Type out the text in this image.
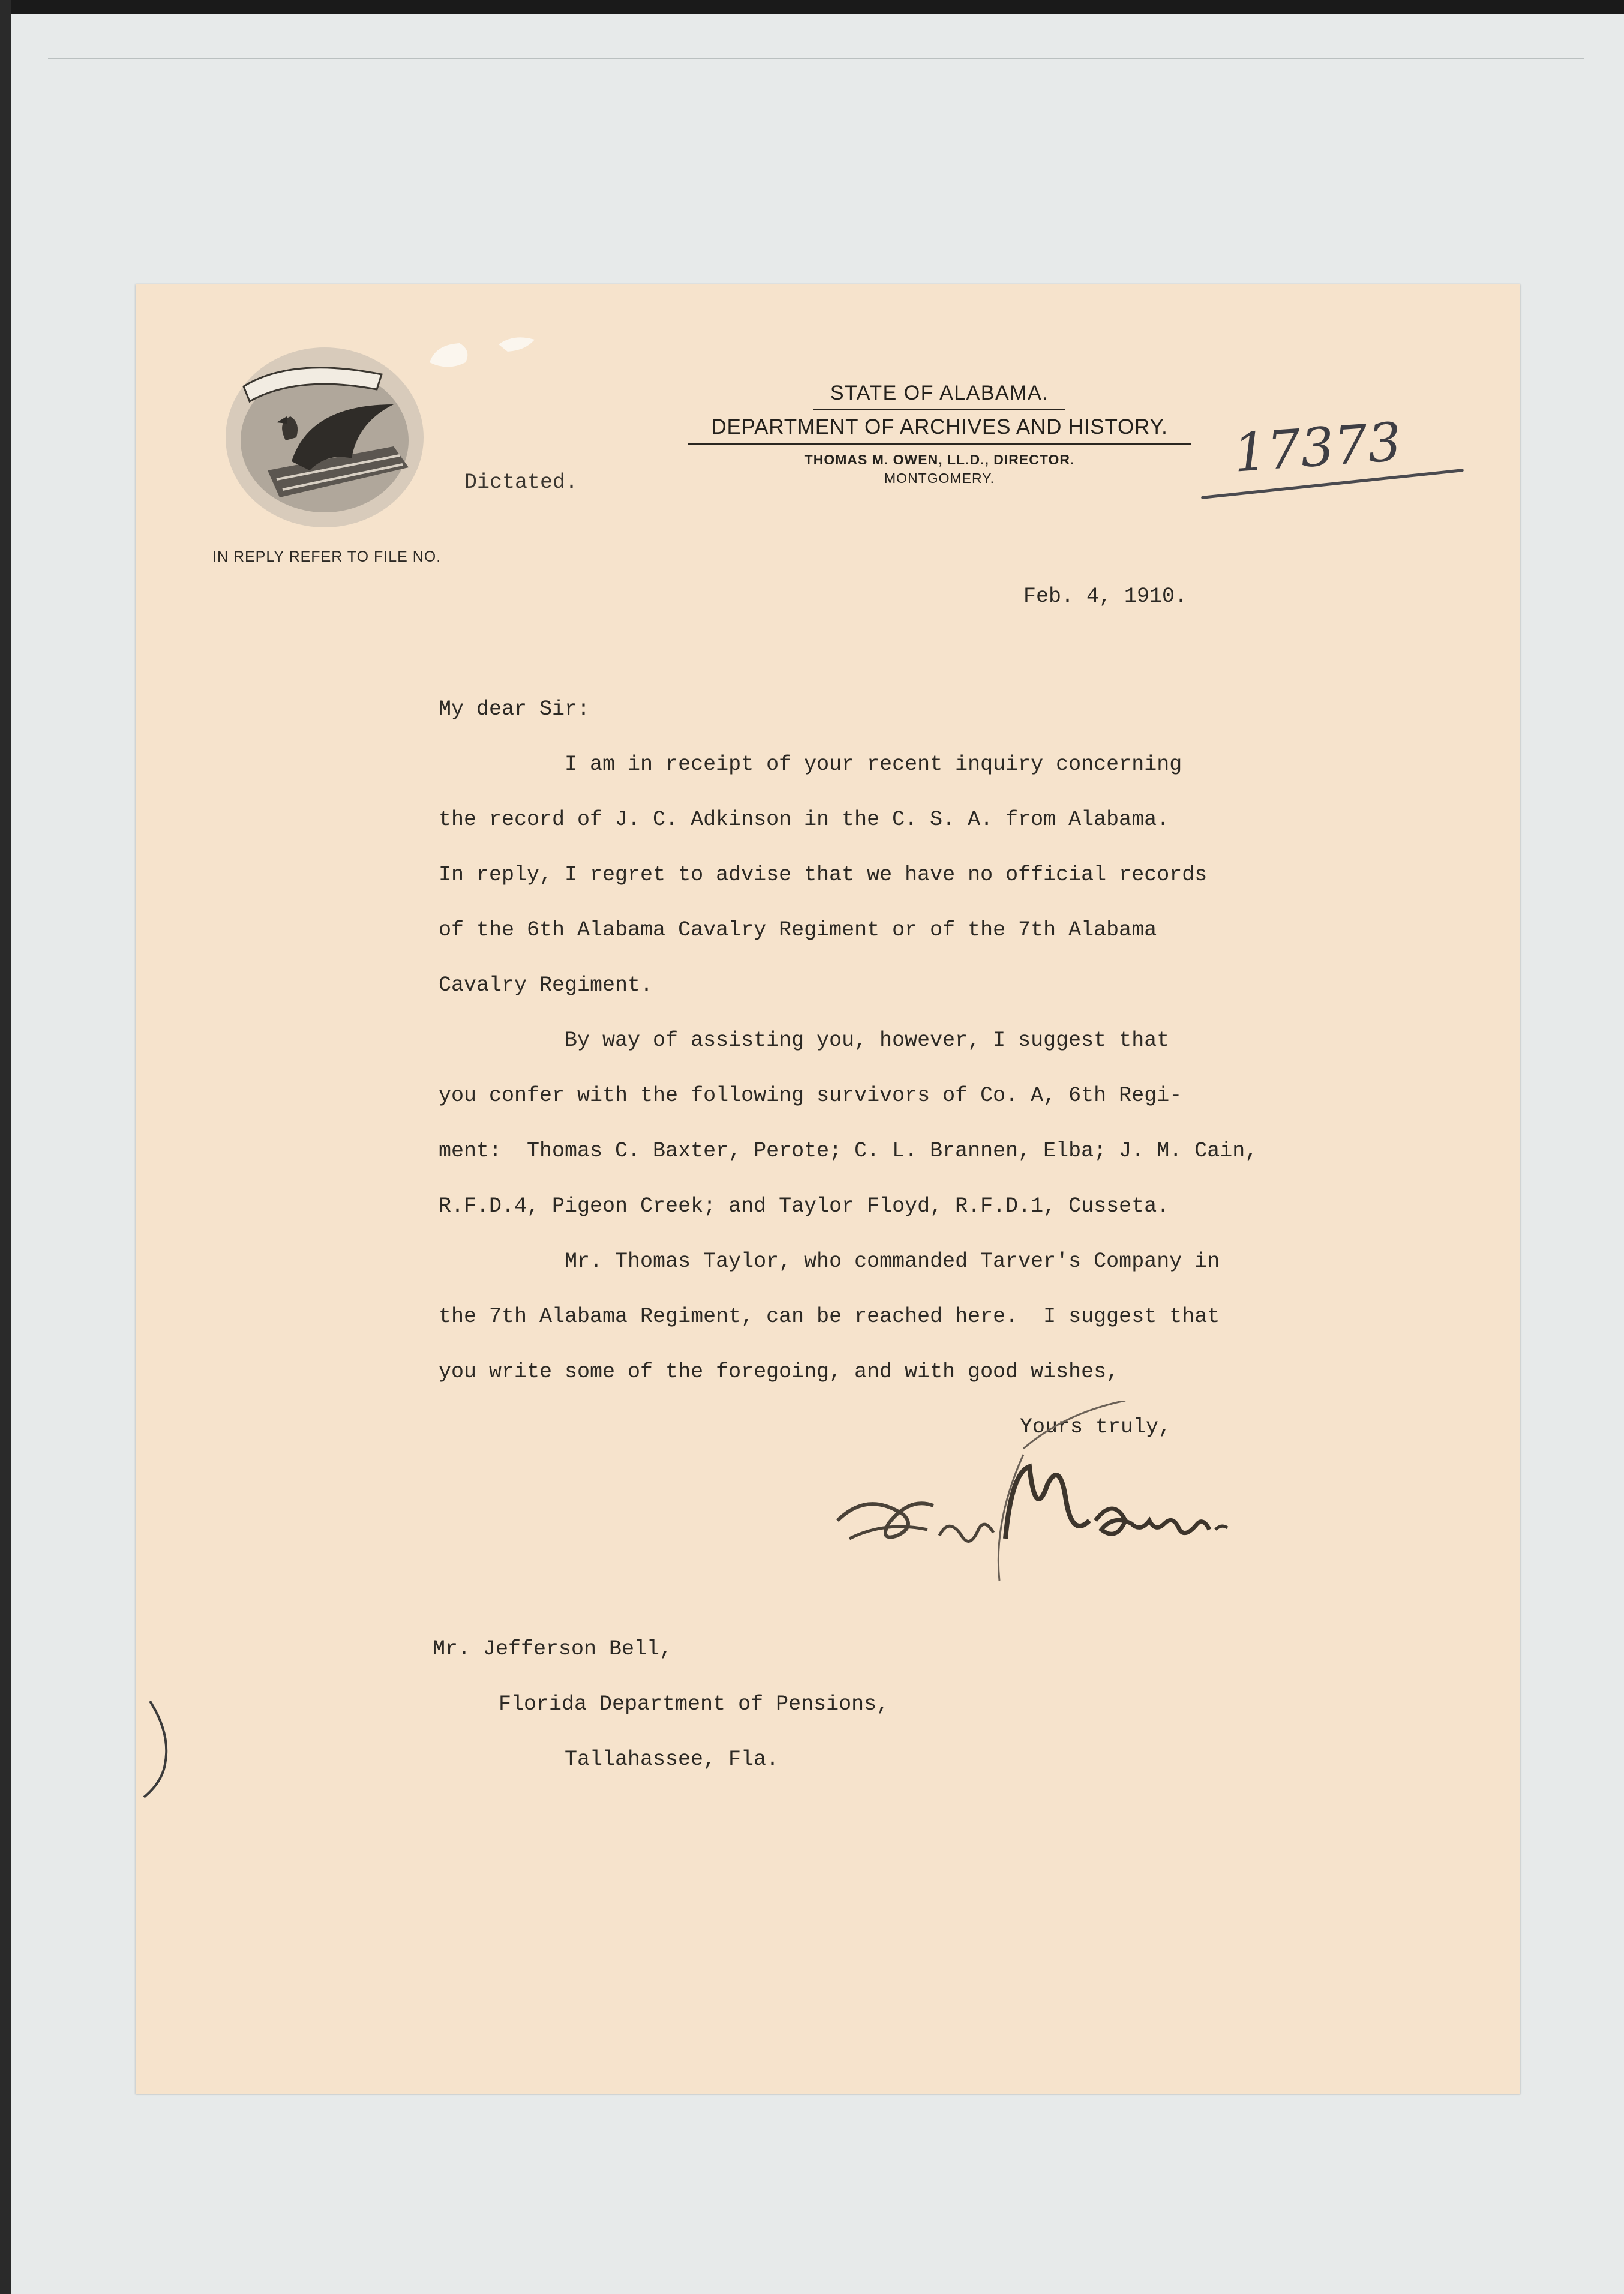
IN REPLY REFER TO FILE NO.
Dictated.
STATE OF ALABAMA.
DEPARTMENT OF ARCHIVES AND HISTORY.
THOMAS M. OWEN, LL.D., DIRECTOR.
MONTGOMERY.	17373
Feb. 4, 1910.
My dear Sir:
I am in receipt of your recent inquiry concerning
the record of J. C. Adkinson in the C. S. A. from Alabama.
In reply, I regret to advise that we have no official records
of the 6th Alabama Cavalry Regiment or of the 7th Alabama
Cavalry Regiment.
By way of assisting you, however, I suggest that
you confer with the following survivors of Co. A, 6th Regi-
ment:  Thomas C. Baxter, Perote; C. L. Brannen, Elba; J. M. Cain,
R.F.D.4, Pigeon Creek; and Taylor Floyd, R.F.D.1, Cusseta.
Mr. Thomas Taylor, who commanded Tarver's Company in
the 7th Alabama Regiment, can be reached here.  I suggest that
you write some of the foregoing, and with good wishes,
Yours truly,
Mr. Jefferson Bell,
Florida Department of Pensions,
Tallahassee, Fla.
